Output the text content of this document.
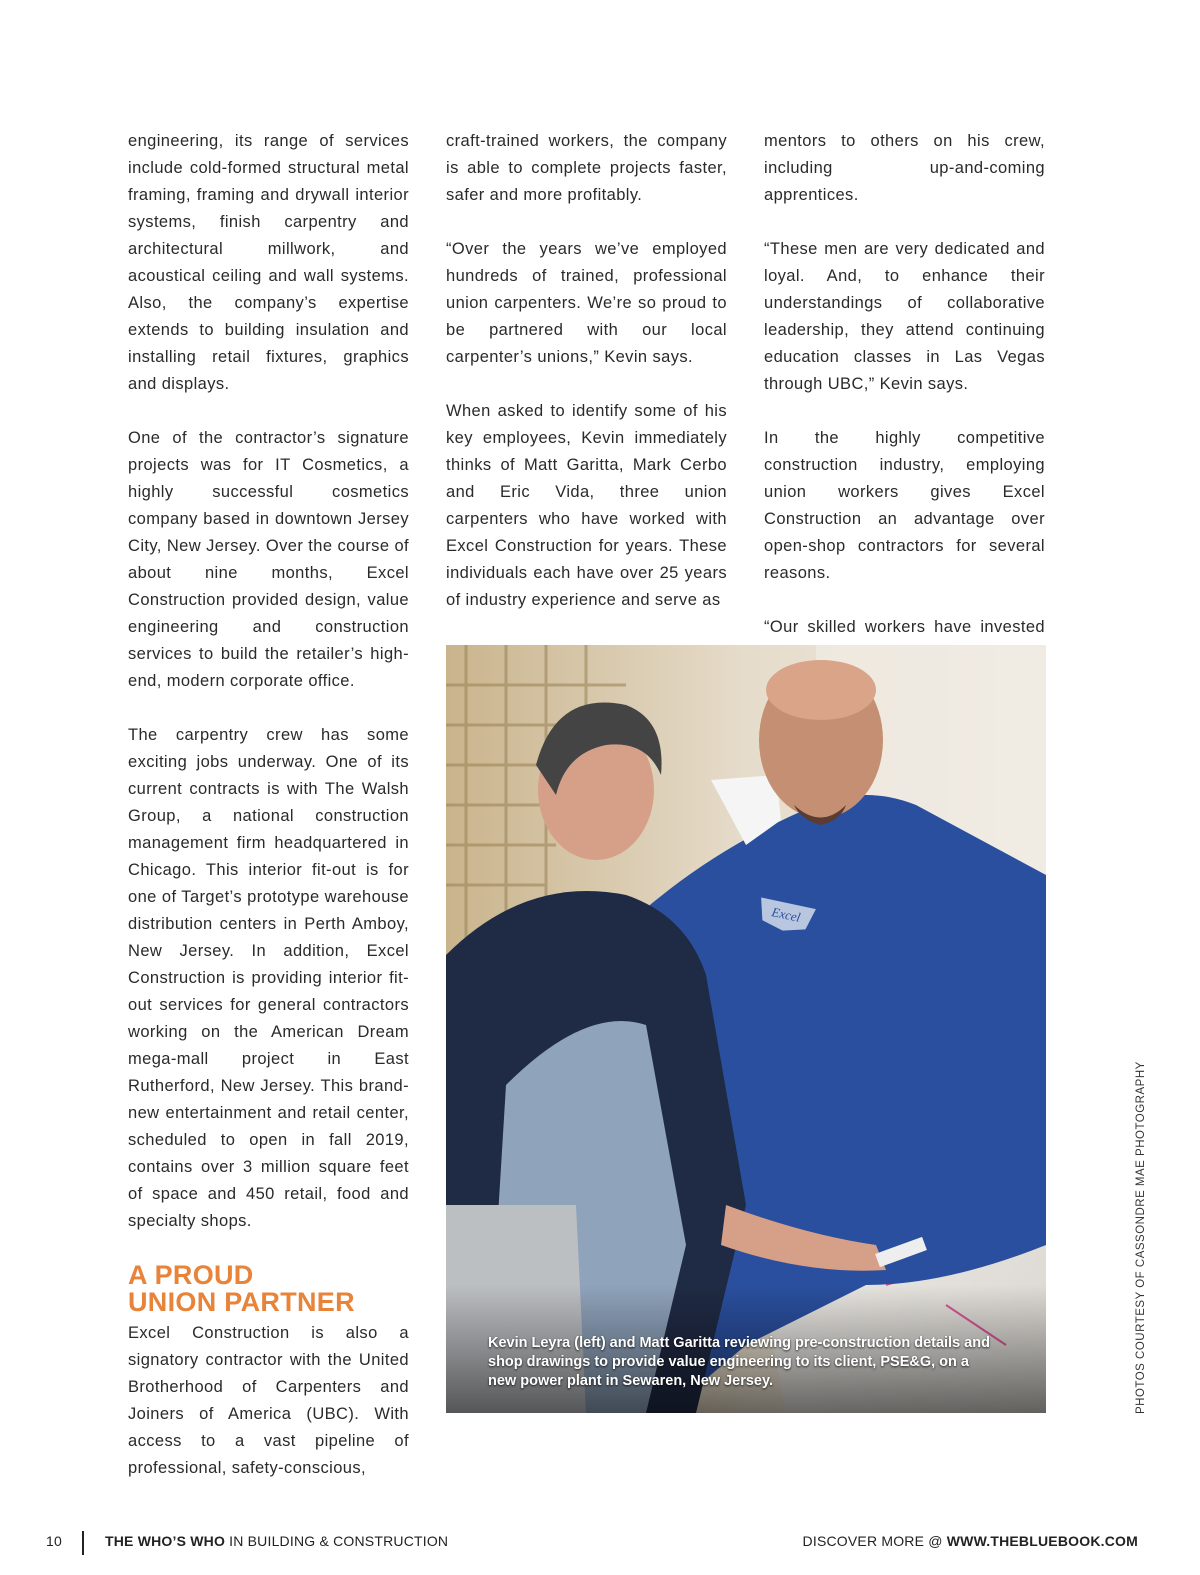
engineering, its range of services include cold-formed structural metal framing, framing and drywall interior systems, finish carpentry and architectural millwork, and acoustical ceiling and wall systems. Also, the company’s expertise extends to building insulation and installing retail fixtures, graphics and displays.

One of the contractor’s signature projects was for IT Cosmetics, a highly successful cosmetics company based in downtown Jersey City, New Jersey. Over the course of about nine months, Excel Construction provided design, value engineering and construction services to build the retailer’s high-end, modern corporate office.

The carpentry crew has some exciting jobs underway. One of its current contracts is with The Walsh Group, a national construction management firm headquartered in Chicago. This interior fit-out is for one of Target’s prototype warehouse distribution centers in Perth Amboy, New Jersey. In addition, Excel Construction is providing interior fit-out services for general contractors working on the American Dream mega-mall project in East Rutherford, New Jersey. This brand-new entertainment and retail center, scheduled to open in fall 2019, contains over 3 million square feet of space and 450 retail, food and specialty shops.

A PROUD
UNION PARTNER

Excel Construction is also a signatory contractor with the United Brotherhood of Carpenters and Joiners of America (UBC). With access to a vast pipeline of professional, safety-conscious,

craft-trained workers, the company is able to complete projects faster, safer and more profitably.

“Over the years we’ve employed hundreds of trained, professional union carpenters. We’re so proud to be partnered with our local carpenter’s unions,” Kevin says.

When asked to identify some of his key employees, Kevin immediately thinks of Matt Garitta, Mark Cerbo and Eric Vida, three union carpenters who have worked with Excel Construction for years. These individuals each have over 25 years of industry experience and serve as

mentors to others on his crew, including up-and-coming apprentices.

“These men are very dedicated and loyal. And, to enhance their understandings of collaborative leadership, they attend continuing education classes in Las Vegas through UBC,” Kevin says.

In the highly competitive construction industry, employing union workers gives Excel Construction an advantage over open-shop contractors for several reasons.

“Our skilled workers have invested

Excel
Kevin Leyra (left) and Matt Garitta reviewing pre-construction details and shop drawings to provide value engineering to its client, PSE&G, on a new power plant in Sewaren, New Jersey.	PHOTOS COURTESY OF CASSONDRE MAE PHOTOGRAPHY
10	THE WHO’S WHO IN BUILDING & CONSTRUCTION	DISCOVER MORE @ WWW.THEBLUEBOOK.COM
